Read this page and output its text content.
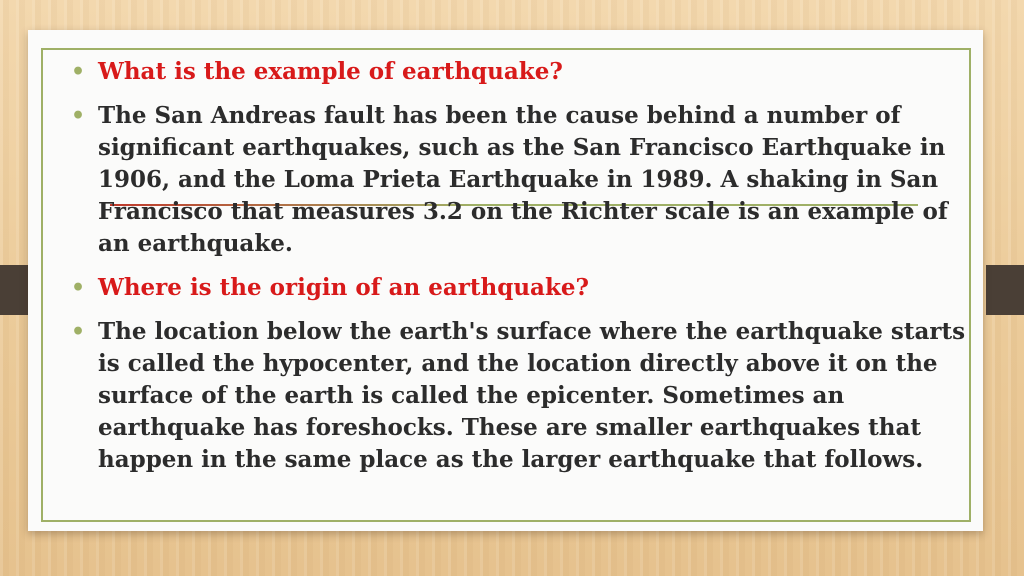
• What is the example of earthquake?

• The San Andreas fault has been the cause behind a number of significant earthquakes, such as the San Francisco Earthquake in 1906, and the Loma Prieta Earthquake in 1989. A shaking in San Francisco that measures 3.2 on the Richter scale is an example of an earthquake.

• Where is the origin of an earthquake?

• The location below the earth's surface where the earthquake starts is called the hypocenter, and the location directly above it on the surface of the earth is called the epicenter. Sometimes an earthquake has foreshocks. These are smaller earthquakes that happen in the same place as the larger earthquake that follows.
